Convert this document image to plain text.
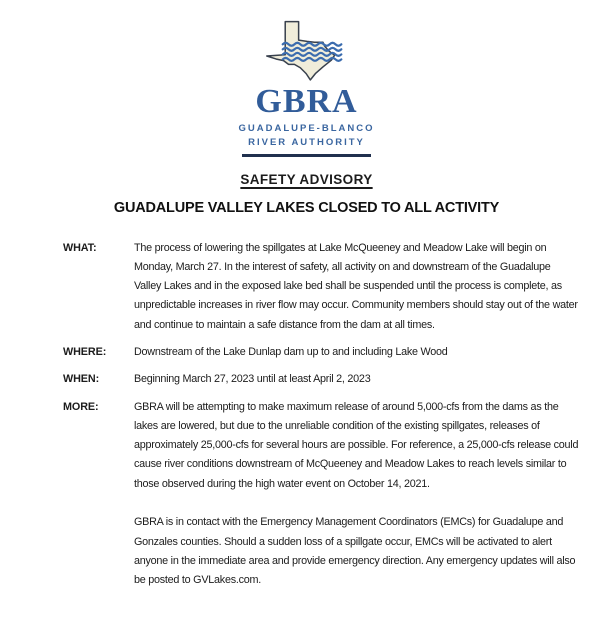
GBRA
GUADALUPE-BLANCO
RIVER AUTHORITY
SAFETY ADVISORY
GUADALUPE VALLEY LAKES CLOSED TO ALL ACTIVITY
WHAT:	The process of lowering the spillgates at Lake McQueeney and Meadow Lake will begin on Monday, March 27. In the interest of safety, all activity on and downstream of the Guadalupe Valley Lakes and in the exposed lake bed shall be suspended until the process is complete, as unpredictable increases in river flow may occur. Community members should stay out of the water and continue to maintain a safe distance from the dam at all times.

WHERE:	Downstream of the Lake Dunlap dam up to and including Lake Wood

WHEN:	Beginning March 27, 2023 until at least April 2, 2023

MORE:	GBRA will be attempting to make maximum release of around 5,000-cfs from the dams as the lakes are lowered, but due to the unreliable condition of the existing spillgates, releases of approximately 25,000-cfs for several hours are possible. For reference, a 25,000-cfs release could cause river conditions downstream of McQueeney and Meadow Lakes to reach levels similar to those observed during the high water event on October 14, 2021.

GBRA is in contact with the Emergency Management Coordinators (EMCs) for Guadalupe and Gonzales counties. Should a sudden loss of a spillgate occur, EMCs will be activated to alert anyone in the immediate area and provide emergency direction. Any emergency updates will also be posted to GVLakes.com.
